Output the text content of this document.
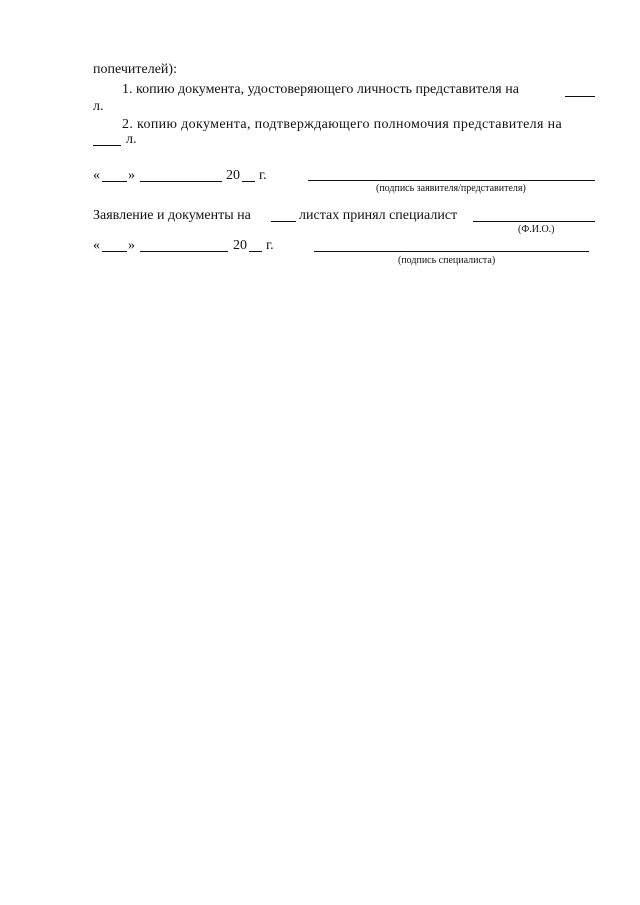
попечителей):
1. копию документа, удостоверяющего личность представителя на
л.
2. копию документа, подтверждающего полномочия представителя на
л.
« »	20 г.
(подпись заявителя/представителя)
Заявление и документы на	листах принял специалист
(Ф.И.О.)
« »	20 г.
(подпись специалиста)
